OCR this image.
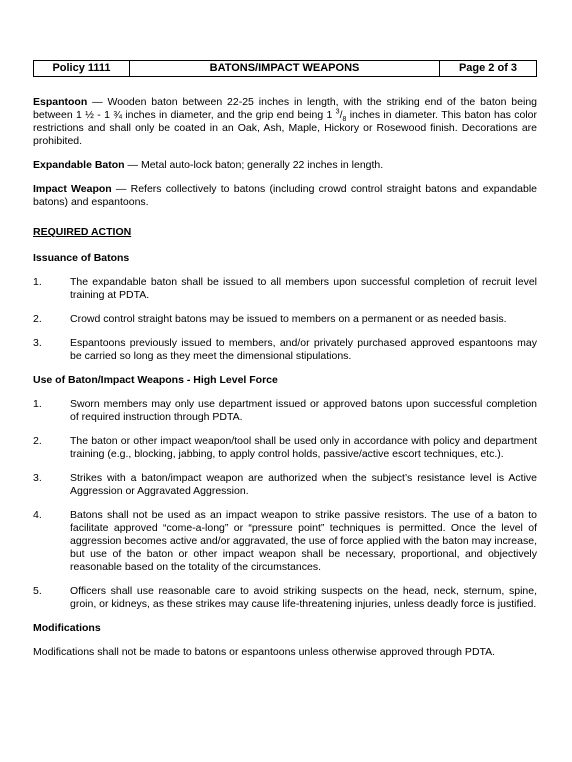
Policy 1111	BATONS/IMPACT WEAPONS	Page 2 of 3

Espantoon — Wooden baton between 22-25 inches in length, with the striking end of the baton being between 1 ½ - 1 ¾ inches in diameter, and the grip end being 1 $^3/_8$ inches in diameter. This baton has color restrictions and shall only be coated in an Oak, Ash, Maple, Hickory or Rosewood finish. Decorations are prohibited.

Expandable Baton — Metal auto-lock baton; generally 22 inches in length.

Impact Weapon — Refers collectively to batons (including crowd control straight batons and expandable batons) and espantoons.

REQUIRED ACTION
Issuance of Batons
1.	The expandable baton shall be issued to all members upon successful completion of recruit level training at PDTA.
2.	Crowd control straight batons may be issued to members on a permanent or as needed basis.
3.	Espantoons previously issued to members, and/or privately purchased approved espantoons may be carried so long as they meet the dimensional stipulations.
Use of Baton/Impact Weapons - High Level Force
1.	Sworn members may only use department issued or approved batons upon successful completion of required instruction through PDTA.
2.	The baton or other impact weapon/tool shall be used only in accordance with policy and department training (e.g., blocking, jabbing, to apply control holds, passive/active escort techniques, etc.).
3.	Strikes with a baton/impact weapon are authorized when the subject’s resistance level is Active Aggression or Aggravated Aggression.
4.	Batons shall not be used as an impact weapon to strike passive resistors. The use of a baton to facilitate approved “come-a-long” or “pressure point” techniques is permitted. Once the level of aggression becomes active and/or aggravated, the use of force applied with the baton may increase, but use of the baton or other impact weapon shall be necessary, proportional, and objectively reasonable based on the totality of the circumstances.
5.	Officers shall use reasonable care to avoid striking suspects on the head, neck, sternum, spine, groin, or kidneys, as these strikes may cause life-threatening injuries, unless deadly force is justified.
Modifications

Modifications shall not be made to batons or espantoons unless otherwise approved through PDTA.
